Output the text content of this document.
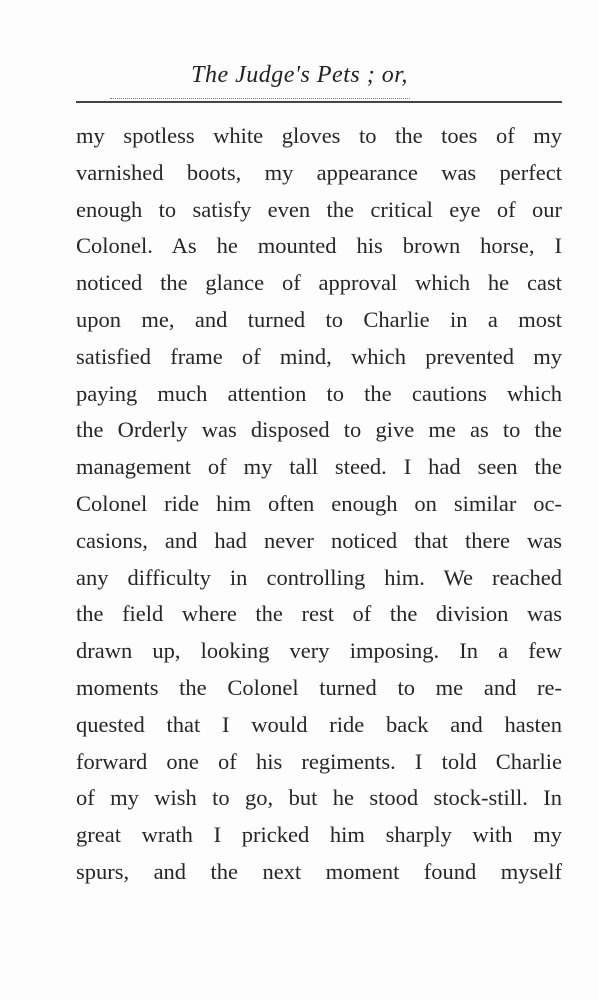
The Judge's Pets ; or,
my spotless white gloves to the toes of my
varnished boots, my appearance was perfect
enough to satisfy even the critical eye of our
Colonel. As he mounted his brown horse, I
noticed the glance of approval which he cast
upon me, and turned to Charlie in a most
satisfied frame of mind, which prevented my
paying much attention to the cautions which
the Orderly was disposed to give me as to the
management of my tall steed. I had seen the
Colonel ride him often enough on similar oc-
casions, and had never noticed that there was
any difficulty in controlling him. We reached
the field where the rest of the division was
drawn up, looking very imposing. In a few
moments the Colonel turned to me and re-
quested that I would ride back and hasten
forward one of his regiments. I told Charlie
of my wish to go, but he stood stock-still. In
great wrath I pricked him sharply with my
spurs, and the next moment found myself
